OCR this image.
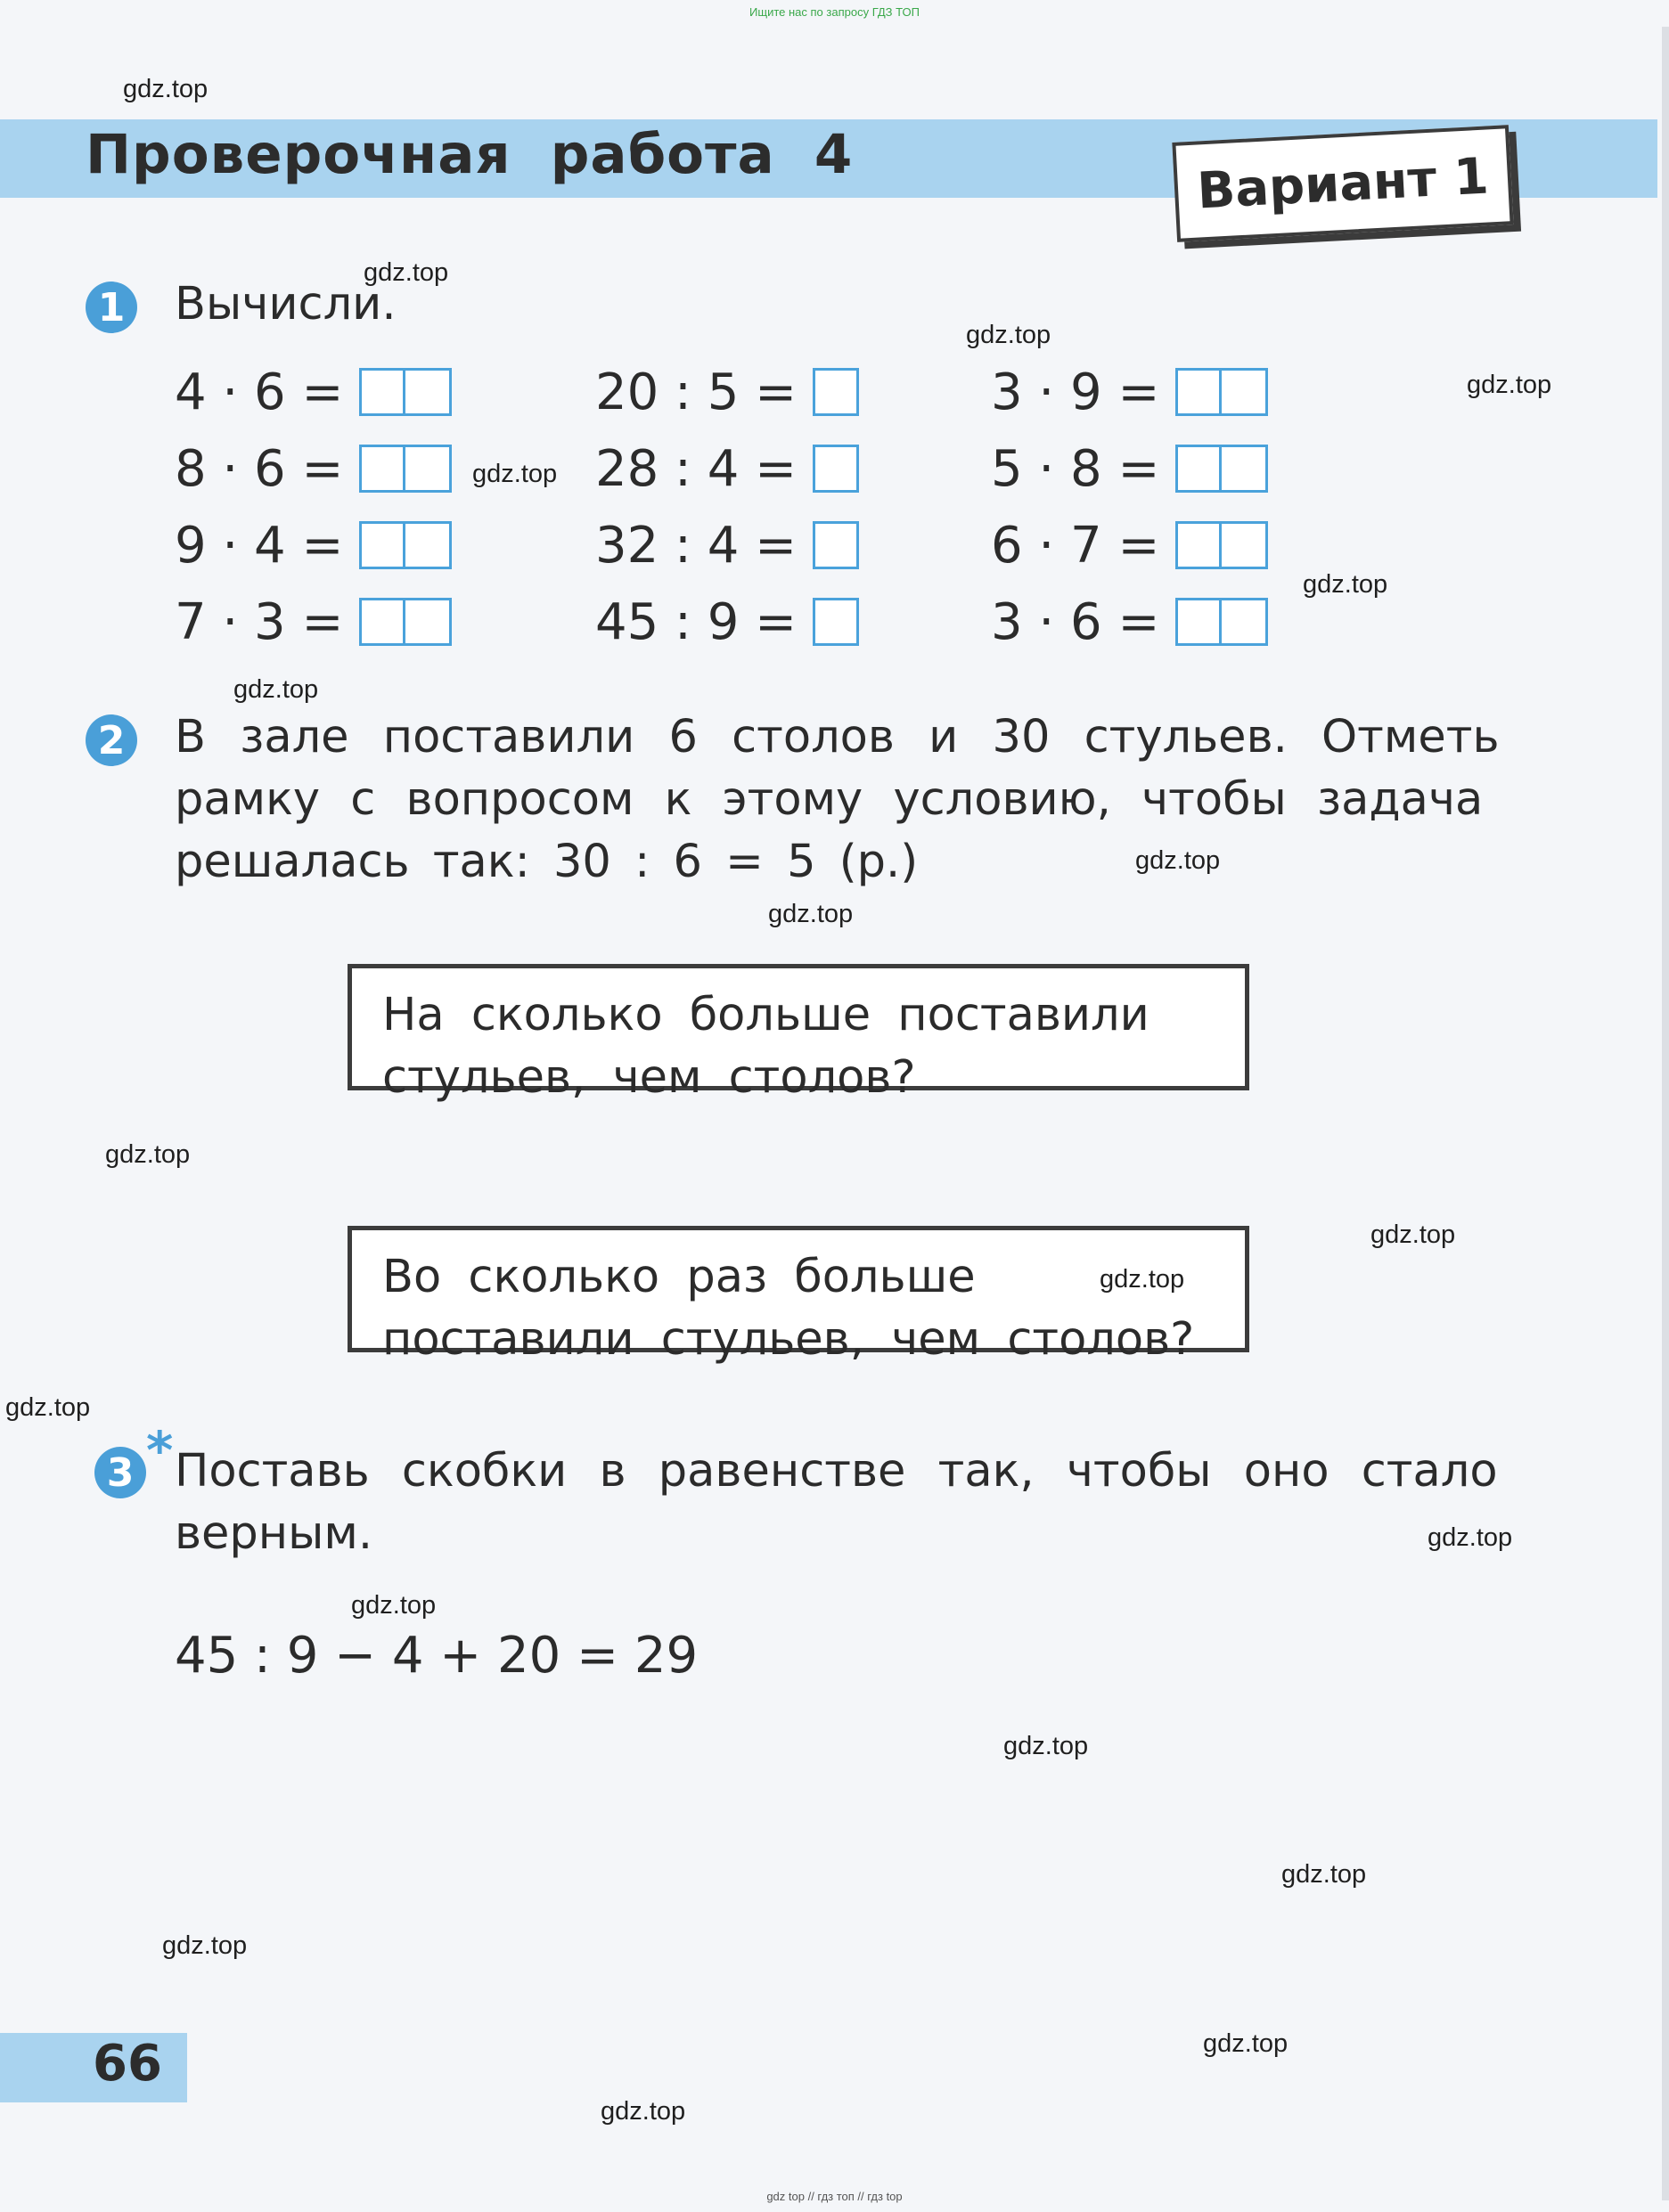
Ищите нас по запросу ГДЗ ТОП
Проверочная работа 4	Вариант 1
1 Вычисли.
4 · 6 =
8 · 6 =
9 · 4 =
7 · 3 =
20 : 5 =
28 : 4 =
32 : 4 =
45 : 9 =
3 · 9 =
5 · 8 =
6 · 7 =
3 · 6 =
2 В зале поставили 6 столов и 30 стульев. Отметь
рамку с вопросом к этому условию, чтобы задача
решалась так: 30 : 6 = 5 (р.)
На сколько больше поставили
стульев, чем столов?
Во сколько раз больше
поставили стульев, чем столов?
3 * Поставь скобки в равенстве так, чтобы оно стало
верным.
45 : 9 − 4 + 20 = 29
66
gdz.top
gdz.top
gdz.top
gdz.top
gdz.top
gdz.top
gdz.top
gdz.top
gdz.top
gdz.top
gdz.top
gdz.top
gdz.top
gdz.top
gdz.top
gdz.top
gdz.top
gdz.top
gdz.top
gdz.top
gdz top // гдз топ // гдз top
